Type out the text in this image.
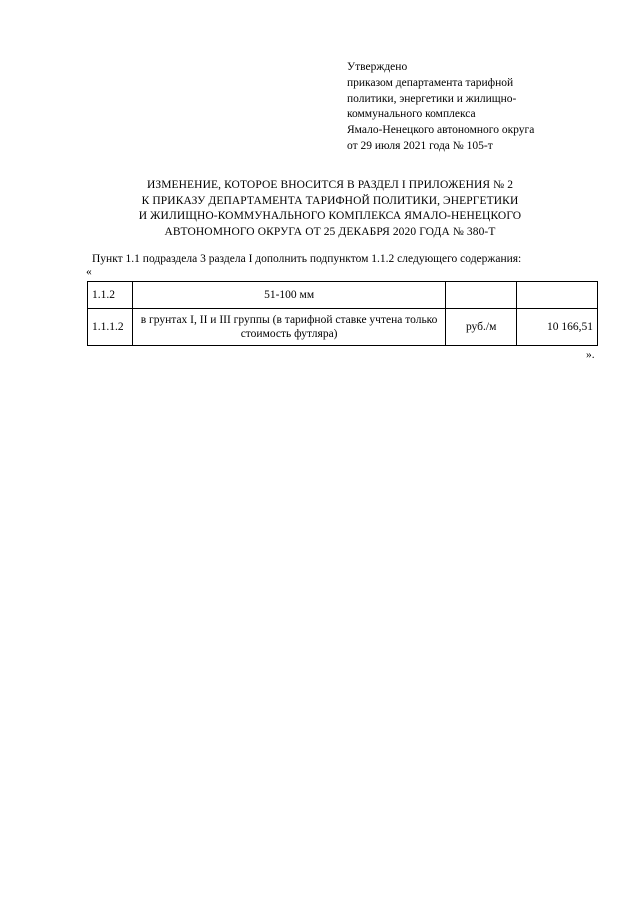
Утверждено
приказом департамента тарифной
политики, энергетики и жилищно-
коммунального комплекса
Ямало-Ненецкого автономного округа
от 29 июля 2021 года № 105-т
ИЗМЕНЕНИЕ, КОТОРОЕ ВНОСИТСЯ В РАЗДЕЛ I ПРИЛОЖЕНИЯ № 2
К ПРИКАЗУ ДЕПАРТАМЕНТА ТАРИФНОЙ ПОЛИТИКИ, ЭНЕРГЕТИКИ
И ЖИЛИЩНО-КОММУНАЛЬНОГО КОМПЛЕКСА ЯМАЛО-НЕНЕЦКОГО
АВТОНОМНОГО ОКРУГА ОТ 25 ДЕКАБРЯ 2020 ГОДА № 380-Т
Пункт 1.1 подраздела 3 раздела I дополнить подпунктом 1.1.2 следующего содержания:
«
1.1.2	51-100 мм		
1.1.1.2	в грунтах I, II и III группы (в тарифной ставке учтена только стоимость футляра)	руб./м	10 166,51
».
